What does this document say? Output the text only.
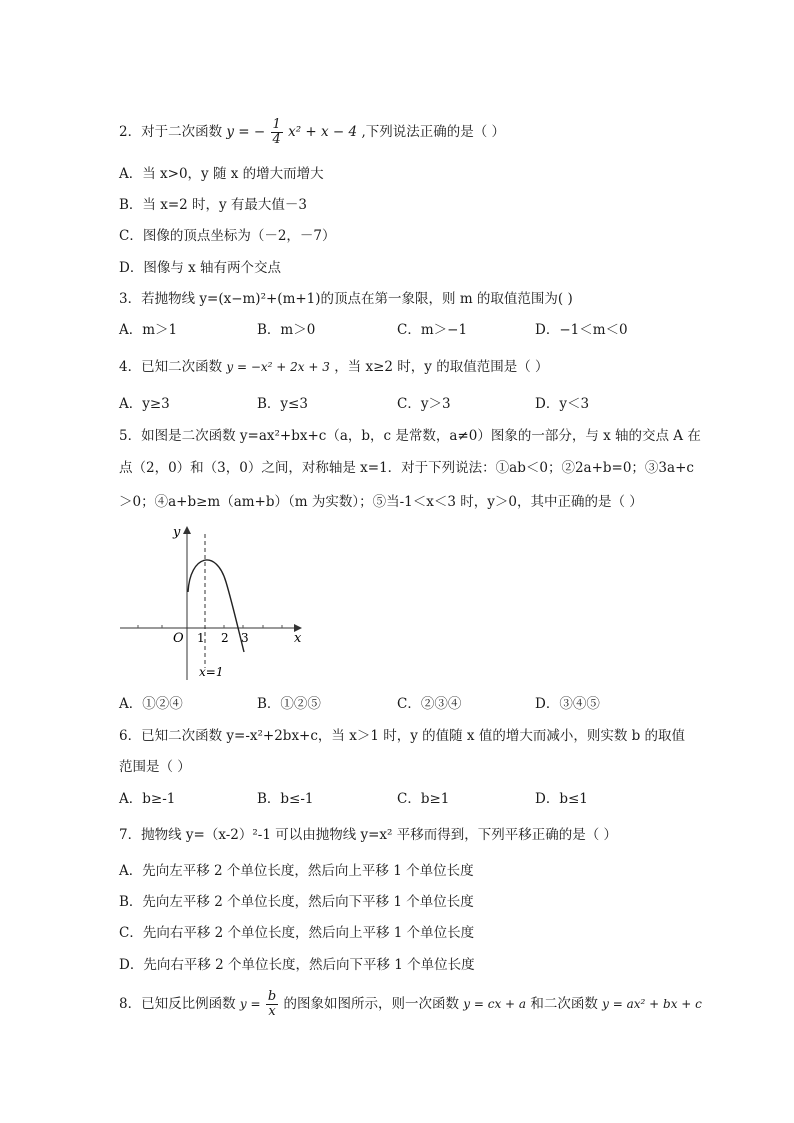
2．对于二次函数 y = − $\frac{1}{4} x^2 + x - 4$ ,下列说法正确的是（ ）
A．当 x>0，y 随 x 的增大而增大
B．当 x=2 时，y 有最大值－3
C．图像的顶点坐标为（－2，－7）
D．图像与 x 轴有两个交点
3．若抛物线 y=(x−m)²+(m+1)的顶点在第一象限，则 m 的取值范围为( )
A．m＞1	B．m＞0	C．m＞−1	D．−1＜m＜0
4．已知二次函数 y = −x² + 2x + 3 ，当 x≥2 时，y 的取值范围是（ ）
A．y≥3	B．y≤3	C．y＞3	D．y＜3
5．如图是二次函数 y=ax²+bx+c（a，b，c 是常数，a≠0）图象的一部分，与 x 轴的交点 A 在
点（2，0）和（3，0）之间，对称轴是 x=1．对于下列说法：①ab＜0；②2a+b=0；③3a+c
＞0；④a+b≥m（am+b）（m 为实数）；⑤当-1＜x＜3 时，y＞0，其中正确的是（ ）
y
x
O 1 2 3
x=1
A．①②④	B．①②⑤	C．②③④	D．③④⑤
6．已知二次函数 y=-x²+2bx+c，当 x＞1 时，y 的值随 x 值的增大而减小，则实数 b 的取值
范围是（ ）
A．b≥-1	B．b≤-1	C．b≥1	D．b≤1
7．抛物线 y=（x-2）²-1 可以由抛物线 y=x² 平移而得到，下列平移正确的是（ ）
A．先向左平移 2 个单位长度，然后向上平移 1 个单位长度
B．先向左平移 2 个单位长度，然后向下平移 1 个单位长度
C．先向右平移 2 个单位长度，然后向上平移 1 个单位长度
D．先向右平移 2 个单位长度，然后向下平移 1 个单位长度
8．已知反比例函数 $y = \frac{b}{x}$ 的图象如图所示，则一次函数 y = cx + a 和二次函数 y = ax² + bx + c
